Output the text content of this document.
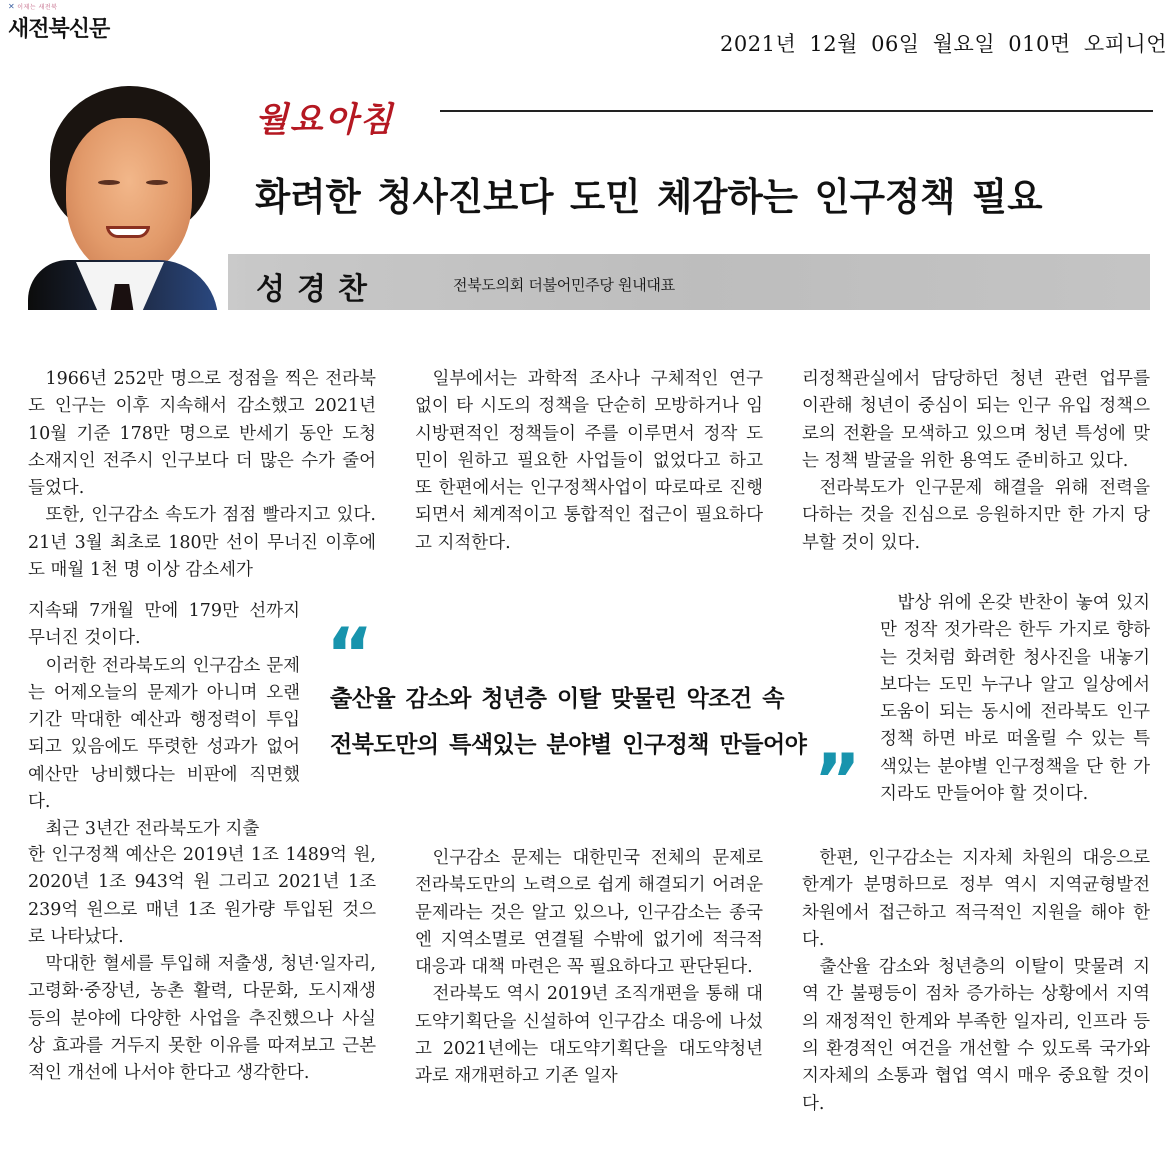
✕ 이제는 새전북
새전북신문
2021년 12월 06일 월요일 010면 오피니언
월요아침
화려한 청사진보다 도민 체감하는 인구정책 필요
성경찬	전북도의회 더불어민주당 원내대표

1966년 252만 명으로 정점을 찍은 전라북도 인구는 이후 지속해서 감소했고 2021년 10월 기준 178만 명으로 반세기 동안 도청 소재지인 전주시 인구보다 더 많은 수가 줄어들었다.

또한, 인구감소 속도가 점점 빨라지고 있다. 21년 3월 최초로 180만 선이 무너진 이후에도 매월 1천 명 이상 감소세가

지속돼 7개월 만에 179만 선까지 무너진 것이다.

이러한 전라북도의 인구감소 문제는 어제오늘의 문제가 아니며 오랜 기간 막대한 예산과 행정력이 투입되고 있음에도 뚜렷한 성과가 없어 예산만 낭비했다는 비판에 직면했다.

최근 3년간 전라북도가 지출

한 인구정책 예산은 2019년 1조 1489억 원, 2020년 1조 943억 원 그리고 2021년 1조 239억 원으로 매년 1조 원가량 투입된 것으로 나타났다.

막대한 혈세를 투입해 저출생, 청년·일자리, 고령화·중장년, 농촌 활력, 다문화, 도시재생 등의 분야에 다양한 사업을 추진했으나 사실상 효과를 거두지 못한 이유를 따져보고 근본적인 개선에 나서야 한다고 생각한다.

일부에서는 과학적 조사나 구체적인 연구 없이 타 시도의 정책을 단순히 모방하거나 임시방편적인 정책들이 주를 이루면서 정작 도민이 원하고 필요한 사업들이 없었다고 하고 또 한편에서는 인구정책사업이 따로따로 진행되면서 체계적이고 통합적인 접근이 필요하다고 지적한다.

인구감소 문제는 대한민국 전체의 문제로 전라북도만의 노력으로 쉽게 해결되기 어려운 문제라는 것은 알고 있으나, 인구감소는 종국엔 지역소멸로 연결될 수밖에 없기에 적극적 대응과 대책 마련은 꼭 필요하다고 판단된다.

전라북도 역시 2019년 조직개편을 통해 대도약기획단을 신설하여 인구감소 대응에 나섰고 2021년에는 대도약기획단을 대도약청년과로 재개편하고 기존 일자

리정책관실에서 담당하던 청년 관련 업무를 이관해 청년이 중심이 되는 인구 유입 정책으로의 전환을 모색하고 있으며 청년 특성에 맞는 정책 발굴을 위한 용역도 준비하고 있다.

전라북도가 인구문제 해결을 위해 전력을 다하는 것을 진심으로 응원하지만 한 가지 당부할 것이 있다.

밥상 위에 온갖 반찬이 놓여 있지만 정작 젓가락은 한두 가지로 향하는 것처럼 화려한 청사진을 내놓기보다는 도민 누구나 알고 일상에서 도움이 되는 동시에 전라북도 인구정책 하면 바로 떠올릴 수 있는 특색있는 분야별 인구정책을 단 한 가지라도 만들어야 할 것이다.

한편, 인구감소는 지자체 차원의 대응으로 한계가 분명하므로 정부 역시 지역균형발전 차원에서 접근하고 적극적인 지원을 해야 한다.

출산율 감소와 청년층의 이탈이 맞물려 지역 간 불평등이 점차 증가하는 상황에서 지역의 재정적인 한계와 부족한 일자리, 인프라 등의 환경적인 여건을 개선할 수 있도록 국가와 지자체의 소통과 협업 역시 매우 중요할 것이다.

“
출산율 감소와 청년층 이탈 맞물린 악조건 속
전북도만의 특색있는 분야별 인구정책 만들어야 ”
